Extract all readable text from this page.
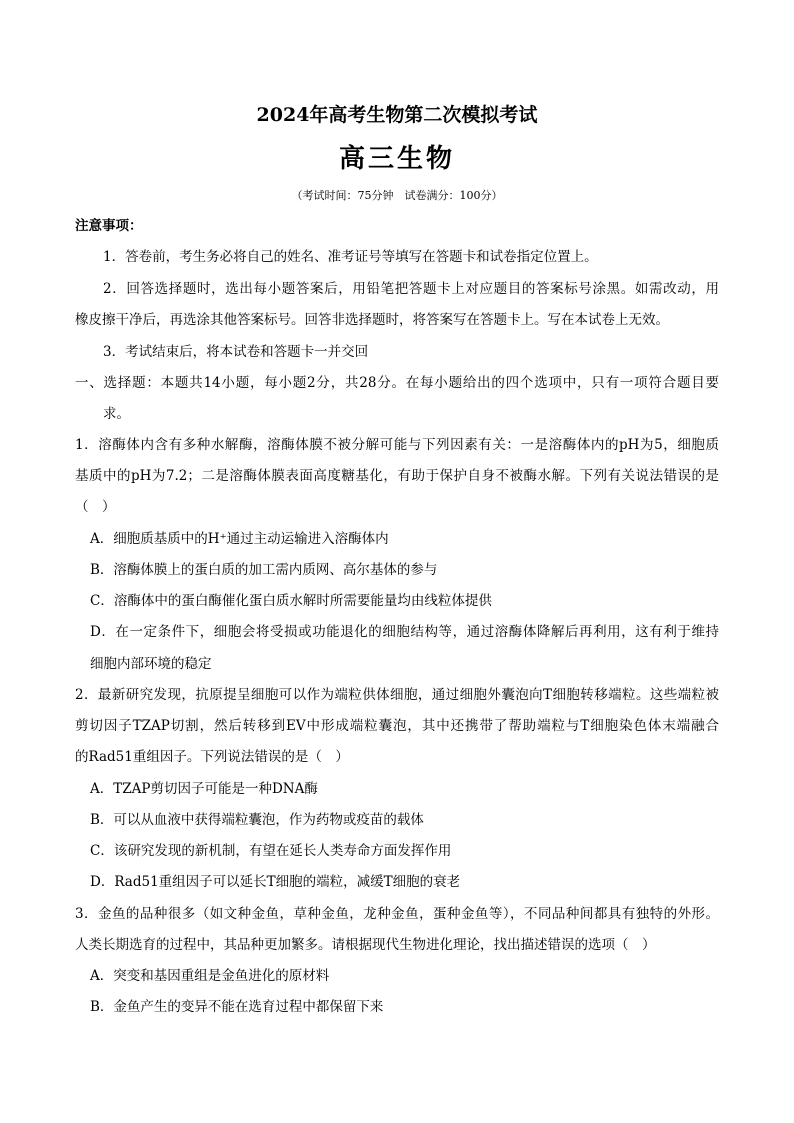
2024年高考生物第二次模拟考试
高三生物
（考试时间：75分钟　试卷满分：100分）
注意事项：
1．答卷前，考生务必将自己的姓名、准考证号等填写在答题卡和试卷指定位置上。
2．回答选择题时，选出每小题答案后，用铅笔把答题卡上对应题目的答案标号涂黑。如需改动，用
橡皮擦干净后，再选涂其他答案标号。回答非选择题时，将答案写在答题卡上。写在本试卷上无效。
3．考试结束后，将本试卷和答题卡一并交回
一、选择题：本题共14小题，每小题2分，共28分。在每小题给出的四个选项中，只有一项符合题目要
求。
1．溶酶体内含有多种水解酶，溶酶体膜不被分解可能与下列因素有关：一是溶酶体内的pH为5，细胞质
基质中的pH为7.2；二是溶酶体膜表面高度糖基化，有助于保护自身不被酶水解。下列有关说法错误的是
（　）
A．细胞质基质中的H⁺通过主动运输进入溶酶体内
B．溶酶体膜上的蛋白质的加工需内质网、高尔基体的参与
C．溶酶体中的蛋白酶催化蛋白质水解时所需要能量均由线粒体提供
D．在一定条件下，细胞会将受损或功能退化的细胞结构等，通过溶酶体降解后再利用，这有利于维持
细胞内部环境的稳定
2．最新研究发现，抗原提呈细胞可以作为端粒供体细胞，通过细胞外囊泡向T细胞转移端粒。这些端粒被
剪切因子TZAP切割，然后转移到EV中形成端粒囊泡，其中还携带了帮助端粒与T细胞染色体末端融合
的Rad51重组因子。下列说法错误的是（　）
A．TZAP剪切因子可能是一种DNA酶
B．可以从血液中获得端粒囊泡，作为药物或疫苗的载体
C．该研究发现的新机制，有望在延长人类寿命方面发挥作用
D．Rad51重组因子可以延长T细胞的端粒，减缓T细胞的衰老
3．金鱼的品种很多（如文种金鱼，草种金鱼，龙种金鱼，蛋种金鱼等），不同品种间都具有独特的外形。
人类长期选育的过程中，其品种更加繁多。请根据现代生物进化理论，找出描述错误的选项（　）
A．突变和基因重组是金鱼进化的原材料
B．金鱼产生的变异不能在选育过程中都保留下来
